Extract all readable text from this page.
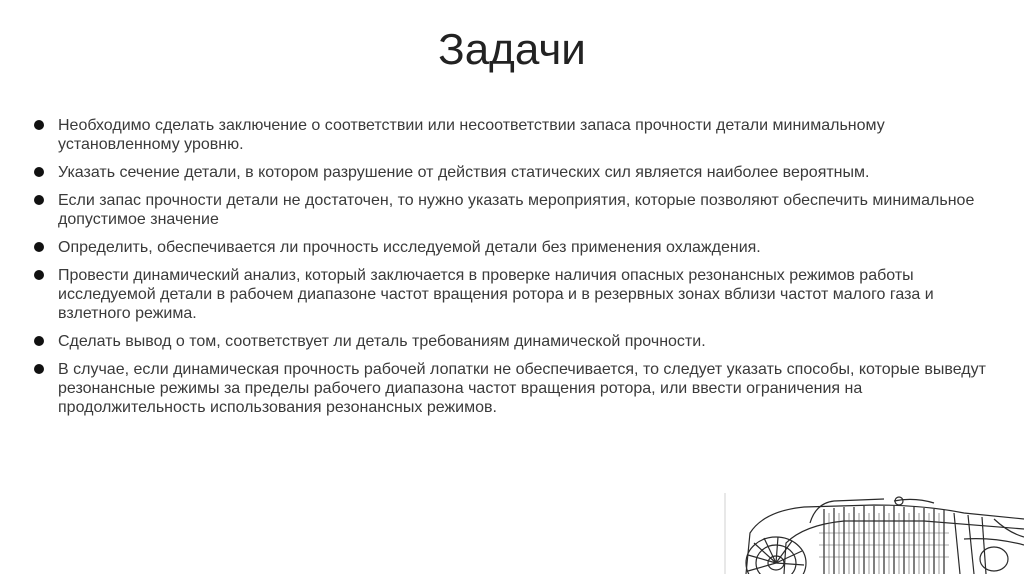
Задачи
Необходимо сделать заключение о соответствии или несоответствии запаса прочности детали минимальному установленному уровню.
Указать сечение детали, в котором разрушение от действия статических сил является наиболее вероятным.
Если запас прочности детали не достаточен, то нужно указать мероприятия, которые позволяют обеспечить минимальное допустимое значение
Определить, обеспечивается ли прочность исследуемой детали без применения охлаждения.
Провести динамический анализ, который заключается в проверке наличия опасных резонансных режимов работы исследуемой детали в рабочем диапазоне частот вращения ротора и в резервных зонах вблизи частот малого газа и взлетного режима.
Сделать вывод о том, соответствует ли деталь требованиям динамической прочности.
В случае, если динамическая прочность рабочей лопатки не обеспечивается, то следует указать способы, которые выведут резонансные режимы за пределы рабочего диапазона частот вращения ротора, или ввести ограничения на продолжительность использования резонансных режимов.
